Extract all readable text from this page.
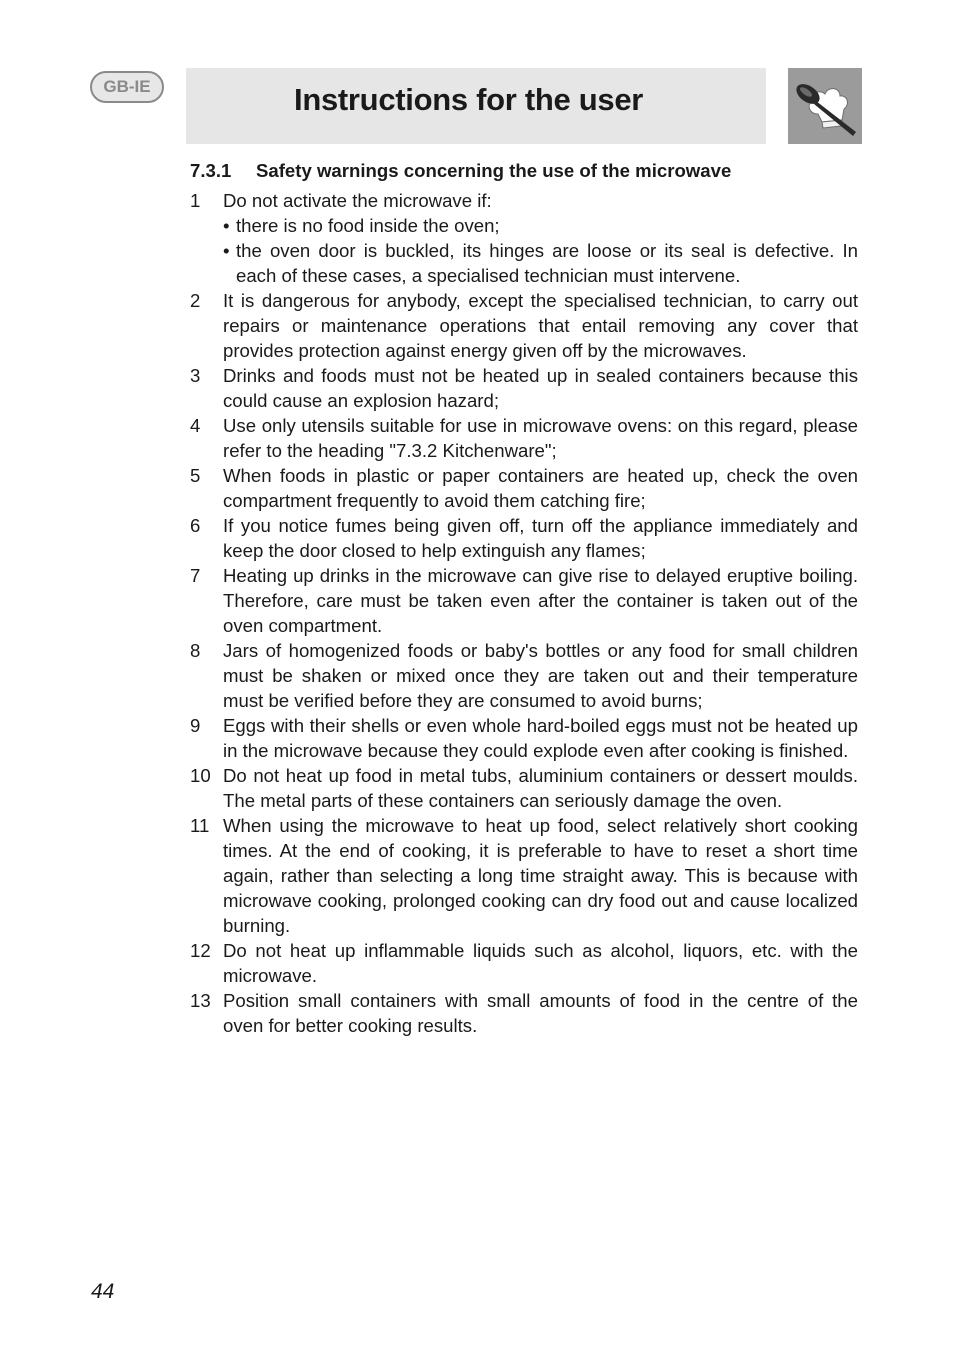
GB-IE	Instructions for the user
7.3.1 Safety warnings concerning the use of the microwave
1	Do not activate the microwave if:
• there is no food inside the oven;
• the oven door is buckled, its hinges are loose or its seal is defective. In each of these cases, a specialised technician must intervene.
2	It is dangerous for anybody, except the specialised technician, to carry out repairs or maintenance operations that entail removing any cover that provides protection against energy given off by the microwaves.
3	Drinks and foods must not be heated up in sealed containers because this could cause an explosion hazard;
4	Use only utensils suitable for use in microwave ovens: on this regard, please refer to the heading "7.3.2 Kitchenware";
5	When foods in plastic or paper containers are heated up, check the oven compartment frequently to avoid them catching fire;
6	If you notice fumes being given off, turn off the appliance immediately and keep the door closed to help extinguish any flames;
7	Heating up drinks in the microwave can give rise to delayed eruptive boiling. Therefore, care must be taken even after the container is taken out of the oven compartment.
8	Jars of homogenized foods or baby's bottles or any food for small children must be shaken or mixed once they are taken out and their temperature must be verified before they are consumed to avoid burns;
9	Eggs with their shells or even whole hard-boiled eggs must not be heated up in the microwave because they could explode even after cooking is finished.
10 Do not heat up food in metal tubs, aluminium containers or dessert moulds. The metal parts of these containers can seriously damage the oven.
11 When using the microwave to heat up food, select relatively short cooking times. At the end of cooking, it is preferable to have to reset a short time again, rather than selecting a long time straight away. This is because with microwave cooking, prolonged cooking can dry food out and cause localized burning.
12 Do not heat up inflammable liquids such as alcohol, liquors, etc. with the microwave.
13 Position small containers with small amounts of food in the centre of the oven for better cooking results.
44
